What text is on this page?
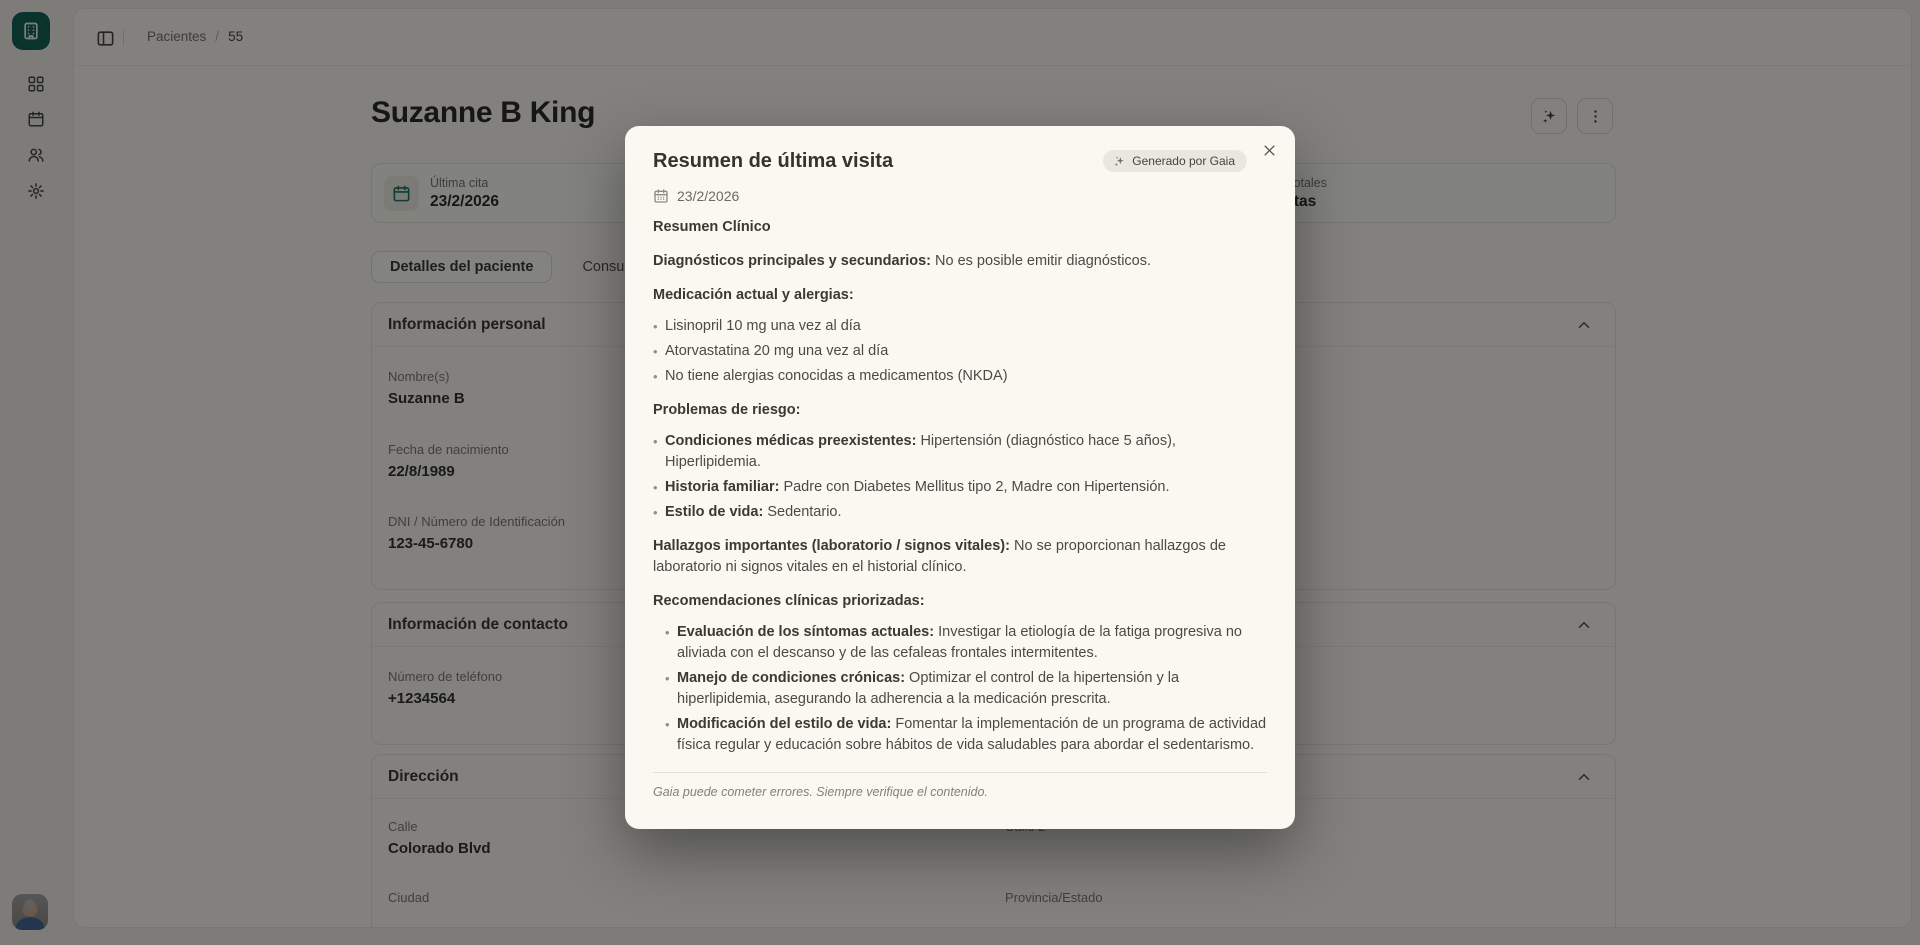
Resumen de última visita	Generado por Gaia
23/2/2026

Resumen Clínico

Diagnósticos principales y secundarios: No es posible emitir diagnósticos.

Medicación actual y alergias:

• Lisinopril 10 mg una vez al día
• Atorvastatina 20 mg una vez al día
• No tiene alergias conocidas a medicamentos (NKDA)

Problemas de riesgo:

• Condiciones médicas preexistentes: Hipertensión (diagnóstico hace 5 años), Hiperlipidemia.
• Historia familiar: Padre con Diabetes Mellitus tipo 2, Madre con Hipertensión.
• Estilo de vida: Sedentario.

Hallazgos importantes (laboratorio / signos vitales): No se proporcionan hallazgos de laboratorio ni signos vitales en el historial clínico.

Recomendaciones clínicas priorizadas:

• Evaluación de los síntomas actuales: Investigar la etiología de la fatiga progresiva no aliviada con el descanso y de las cefaleas frontales intermitentes.
• Manejo de condiciones crónicas: Optimizar el control de la hipertensión y la hiperlipidemia, asegurando la adherencia a la medicación prescrita.
• Modificación del estilo de vida: Fomentar la implementación de un programa de actividad física regular y educación sobre hábitos de vida saludables para abordar el sedentarismo.
Gaia puede cometer errores. Siempre verifique el contenido.
